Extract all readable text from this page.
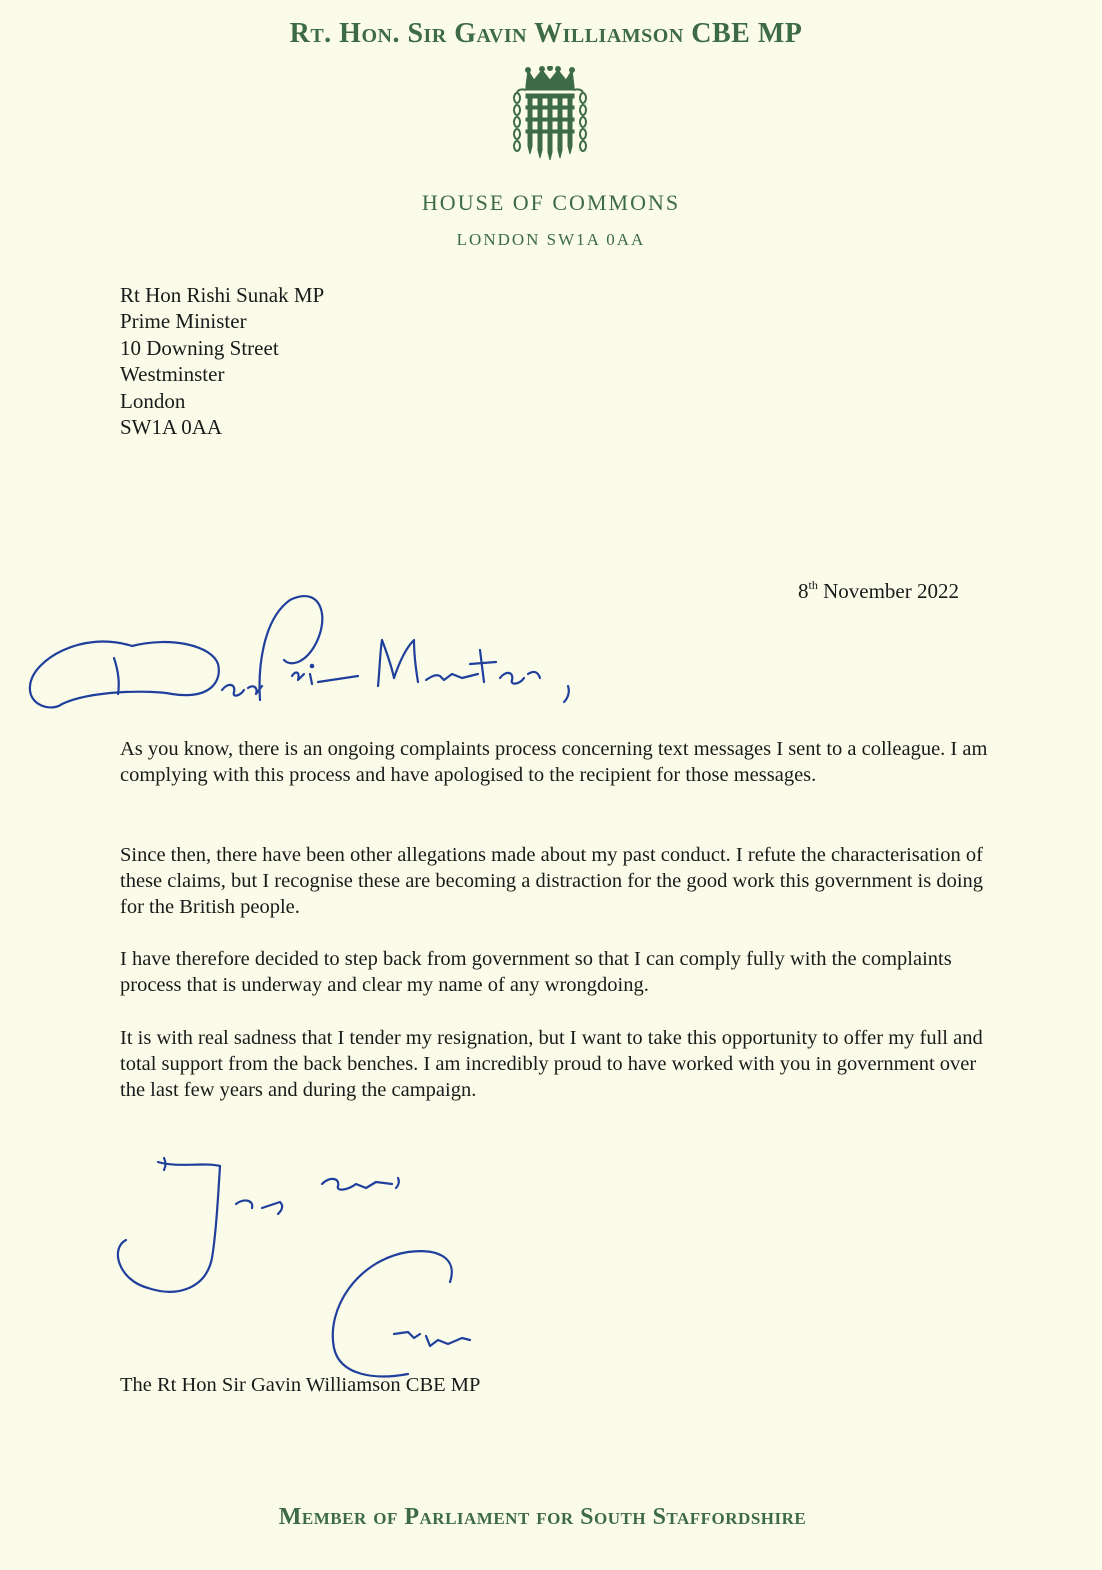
Rt. Hon. Sir Gavin Williamson CBE MP
HOUSE OF COMMONS
LONDON SW1A 0AA
Rt Hon Rishi Sunak MP
Prime Minister
10 Downing Street
Westminster
London
SW1A 0AA
8th November 2022

As you know, there is an ongoing complaints process concerning text messages I sent to a colleague. I am complying with this process and have apologised to the recipient for those messages.

Since then, there have been other allegations made about my past conduct. I refute the characterisation of these claims, but I recognise these are becoming a distraction for the good work this government is doing for the British people.

I have therefore decided to step back from government so that I can comply fully with the complaints process that is underway and clear my name of any wrongdoing.

It is with real sadness that I tender my resignation, but I want to take this opportunity to offer my full and total support from the back benches. I am incredibly proud to have worked with you in government over the last few years and during the campaign.

The Rt Hon Sir Gavin Williamson CBE MP
Member of Parliament for South Staffordshire
